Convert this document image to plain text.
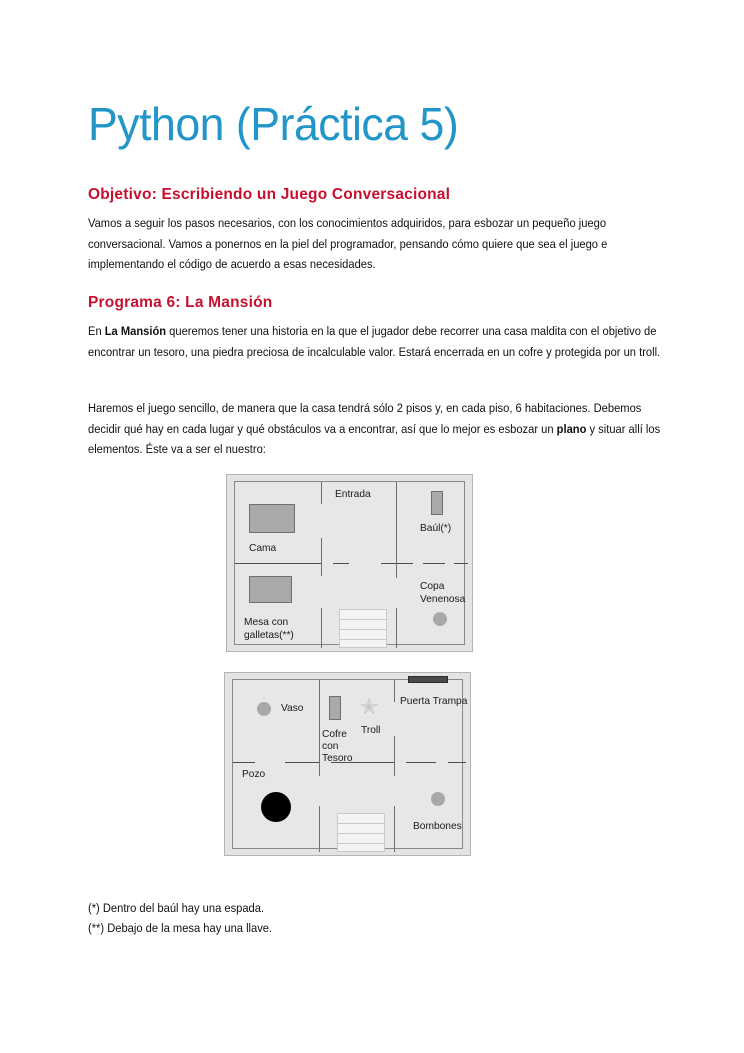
Python (Práctica 5)
Objetivo: Escribiendo un Juego Conversacional
Vamos a seguir los pasos necesarios, con los conocimientos adquiridos, para esbozar un pequeño juego conversacional. Vamos a ponernos en la piel del programador, pensando cómo quiere que sea el juego e implementando el código de acuerdo a esas necesidades.
Programa 6: La Mansión
En La Mansión queremos tener una historia en la que el jugador debe recorrer una casa maldita con el objetivo de encontrar un tesoro, una piedra preciosa de incalculable valor. Estará encerrada en un cofre y protegida por un troll.
Haremos el juego sencillo, de manera que la casa tendrá sólo 2 pisos y, en cada piso, 6 habitaciones. Debemos decidir qué hay en cada lugar y qué obstáculos va a encontrar, así que lo mejor es esbozar un plano y situar allí los elementos. Éste va a ser el nuestro:
Cama
Entrada
Baúl(*)
Mesa con
galletas(**)
Copa
Venenosa
Vaso
Cofre
con
Tesoro
✭
Troll
Puerta Trampa
Pozo
Bombones
(*) Dentro del baúl hay una espada.
(**) Debajo de la mesa hay una llave.
